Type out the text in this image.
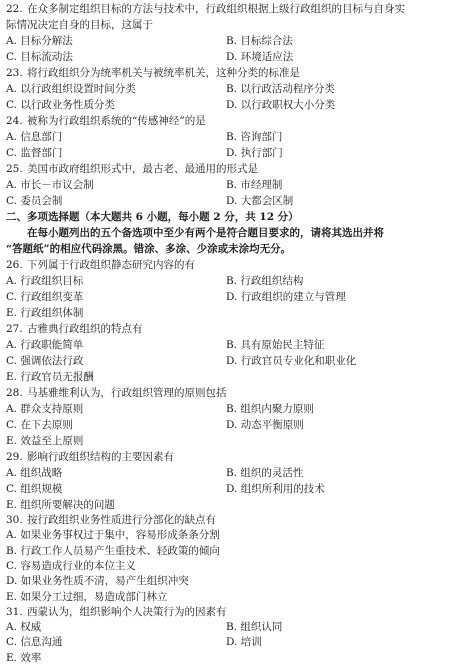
22. 在众多制定组织目标的方法与技术中，行政组织根据上级行政组织的目标与自身实
际情况决定自身的目标，这属于
A. 目标分解法	B. 目标综合法
C. 目标流动法	D. 环境适应法
23. 将行政组织分为统率机关与被统率机关，这种分类的标准是
A. 以行政组织设置时间分类	B. 以行政活动程序分类
C. 以行政业务性质分类	D. 以行政职权大小分类
24. 被称为行政组织系统的“传感神经”的是
A. 信息部门	B. 咨询部门
C. 监督部门	D. 执行部门
25. 美国市政府组织形式中，最古老、最通用的形式是
A. 市长－市议会制	B. 市经理制
C. 委员会制	D. 大都会区制
二、多项选择题（本大题共 6 小题，每小题 2 分，共 12 分）
在每小题列出的五个备选项中至少有两个是符合题目要求的，请将其选出并将
“答题纸”的相应代码涂黑。错涂、多涂、少涂或未涂均无分。
26. 下列属于行政组织静态研究内容的有
A. 行政组织目标	B. 行政组织结构
C. 行政组织变革	D. 行政组织的建立与管理
E. 行政组织体制
27. 古雅典行政组织的特点有
A. 行政职能简单	B. 具有原始民主特征
C. 强调依法行政	D. 行政官员专业化和职业化
E. 行政官员无报酬
28. 马基雅维利认为，行政组织管理的原则包括
A. 群众支持原则	B. 组织内聚力原则
C. 在下去原则	D. 动态平衡原则
E. 效益至上原则
29. 影响行政组织结构的主要因素有
A. 组织战略	B. 组织的灵活性
C. 组织规模	D. 组织所利用的技术
E. 组织所要解决的问题
30. 按行政组织业务性质进行分部化的缺点有
A. 如果业务事权过于集中，容易形成条条分割
B. 行政工作人员易产生重技术、轻政策的倾向
C. 容易造成行业的本位主义
D. 如果业务性质不清，易产生组织冲突
E. 如果分工过细，易造成部门林立
31. 西蒙认为，组织影响个人决策行为的因素有
A. 权威	B. 组织认同
C. 信息沟通	D. 培训
E. 效率
